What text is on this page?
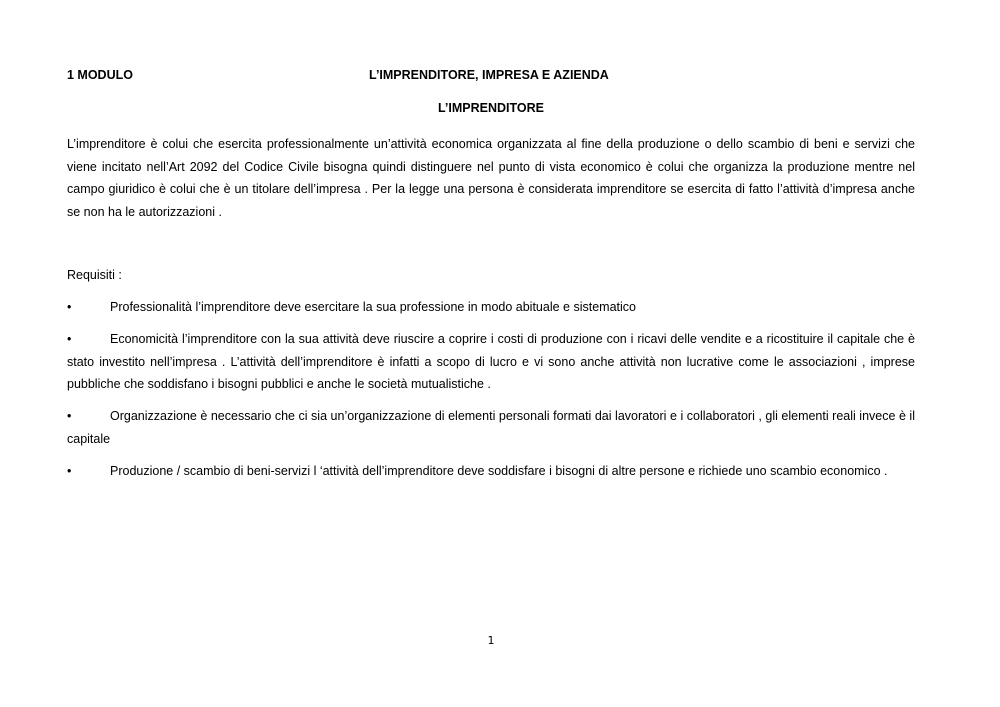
1 MODULO	L’IMPRENDITORE, IMPRESA E AZIENDA
L’IMPRENDITORE

L’imprenditore è colui che esercita professionalmente un’attività economica organizzata al fine della produzione o dello scambio di beni e servizi che viene incitato nell’Art 2092 del Codice Civile bisogna quindi distinguere nel punto di vista economico è colui che organizza la produzione mentre nel campo giuridico è colui che è un titolare dell’impresa . Per la legge una persona è considerata imprenditore se esercita di fatto l’attività d’impresa anche se non ha le autorizzazioni .

Requisiti :

•	Professionalità l’imprenditore deve esercitare la sua professione in modo abituale e sistematico

•	Economicità l’imprenditore con la sua attività deve riuscire a coprire i costi di produzione con i ricavi delle vendite e a ricostituire il capitale che è stato investito nell’impresa . L’attività dell’imprenditore è infatti a scopo di lucro e vi sono anche attività non lucrative come le associazioni , imprese pubbliche che soddisfano i bisogni pubblici e anche le società mutualistiche .

•	Organizzazione è necessario che ci sia un’organizzazione di elementi personali formati dai lavoratori e i collaboratori , gli elementi reali invece è il capitale

•	Produzione / scambio di beni-servizi l ‘attività dell’imprenditore deve soddisfare i bisogni di altre persone e richiede uno scambio economico .

1
